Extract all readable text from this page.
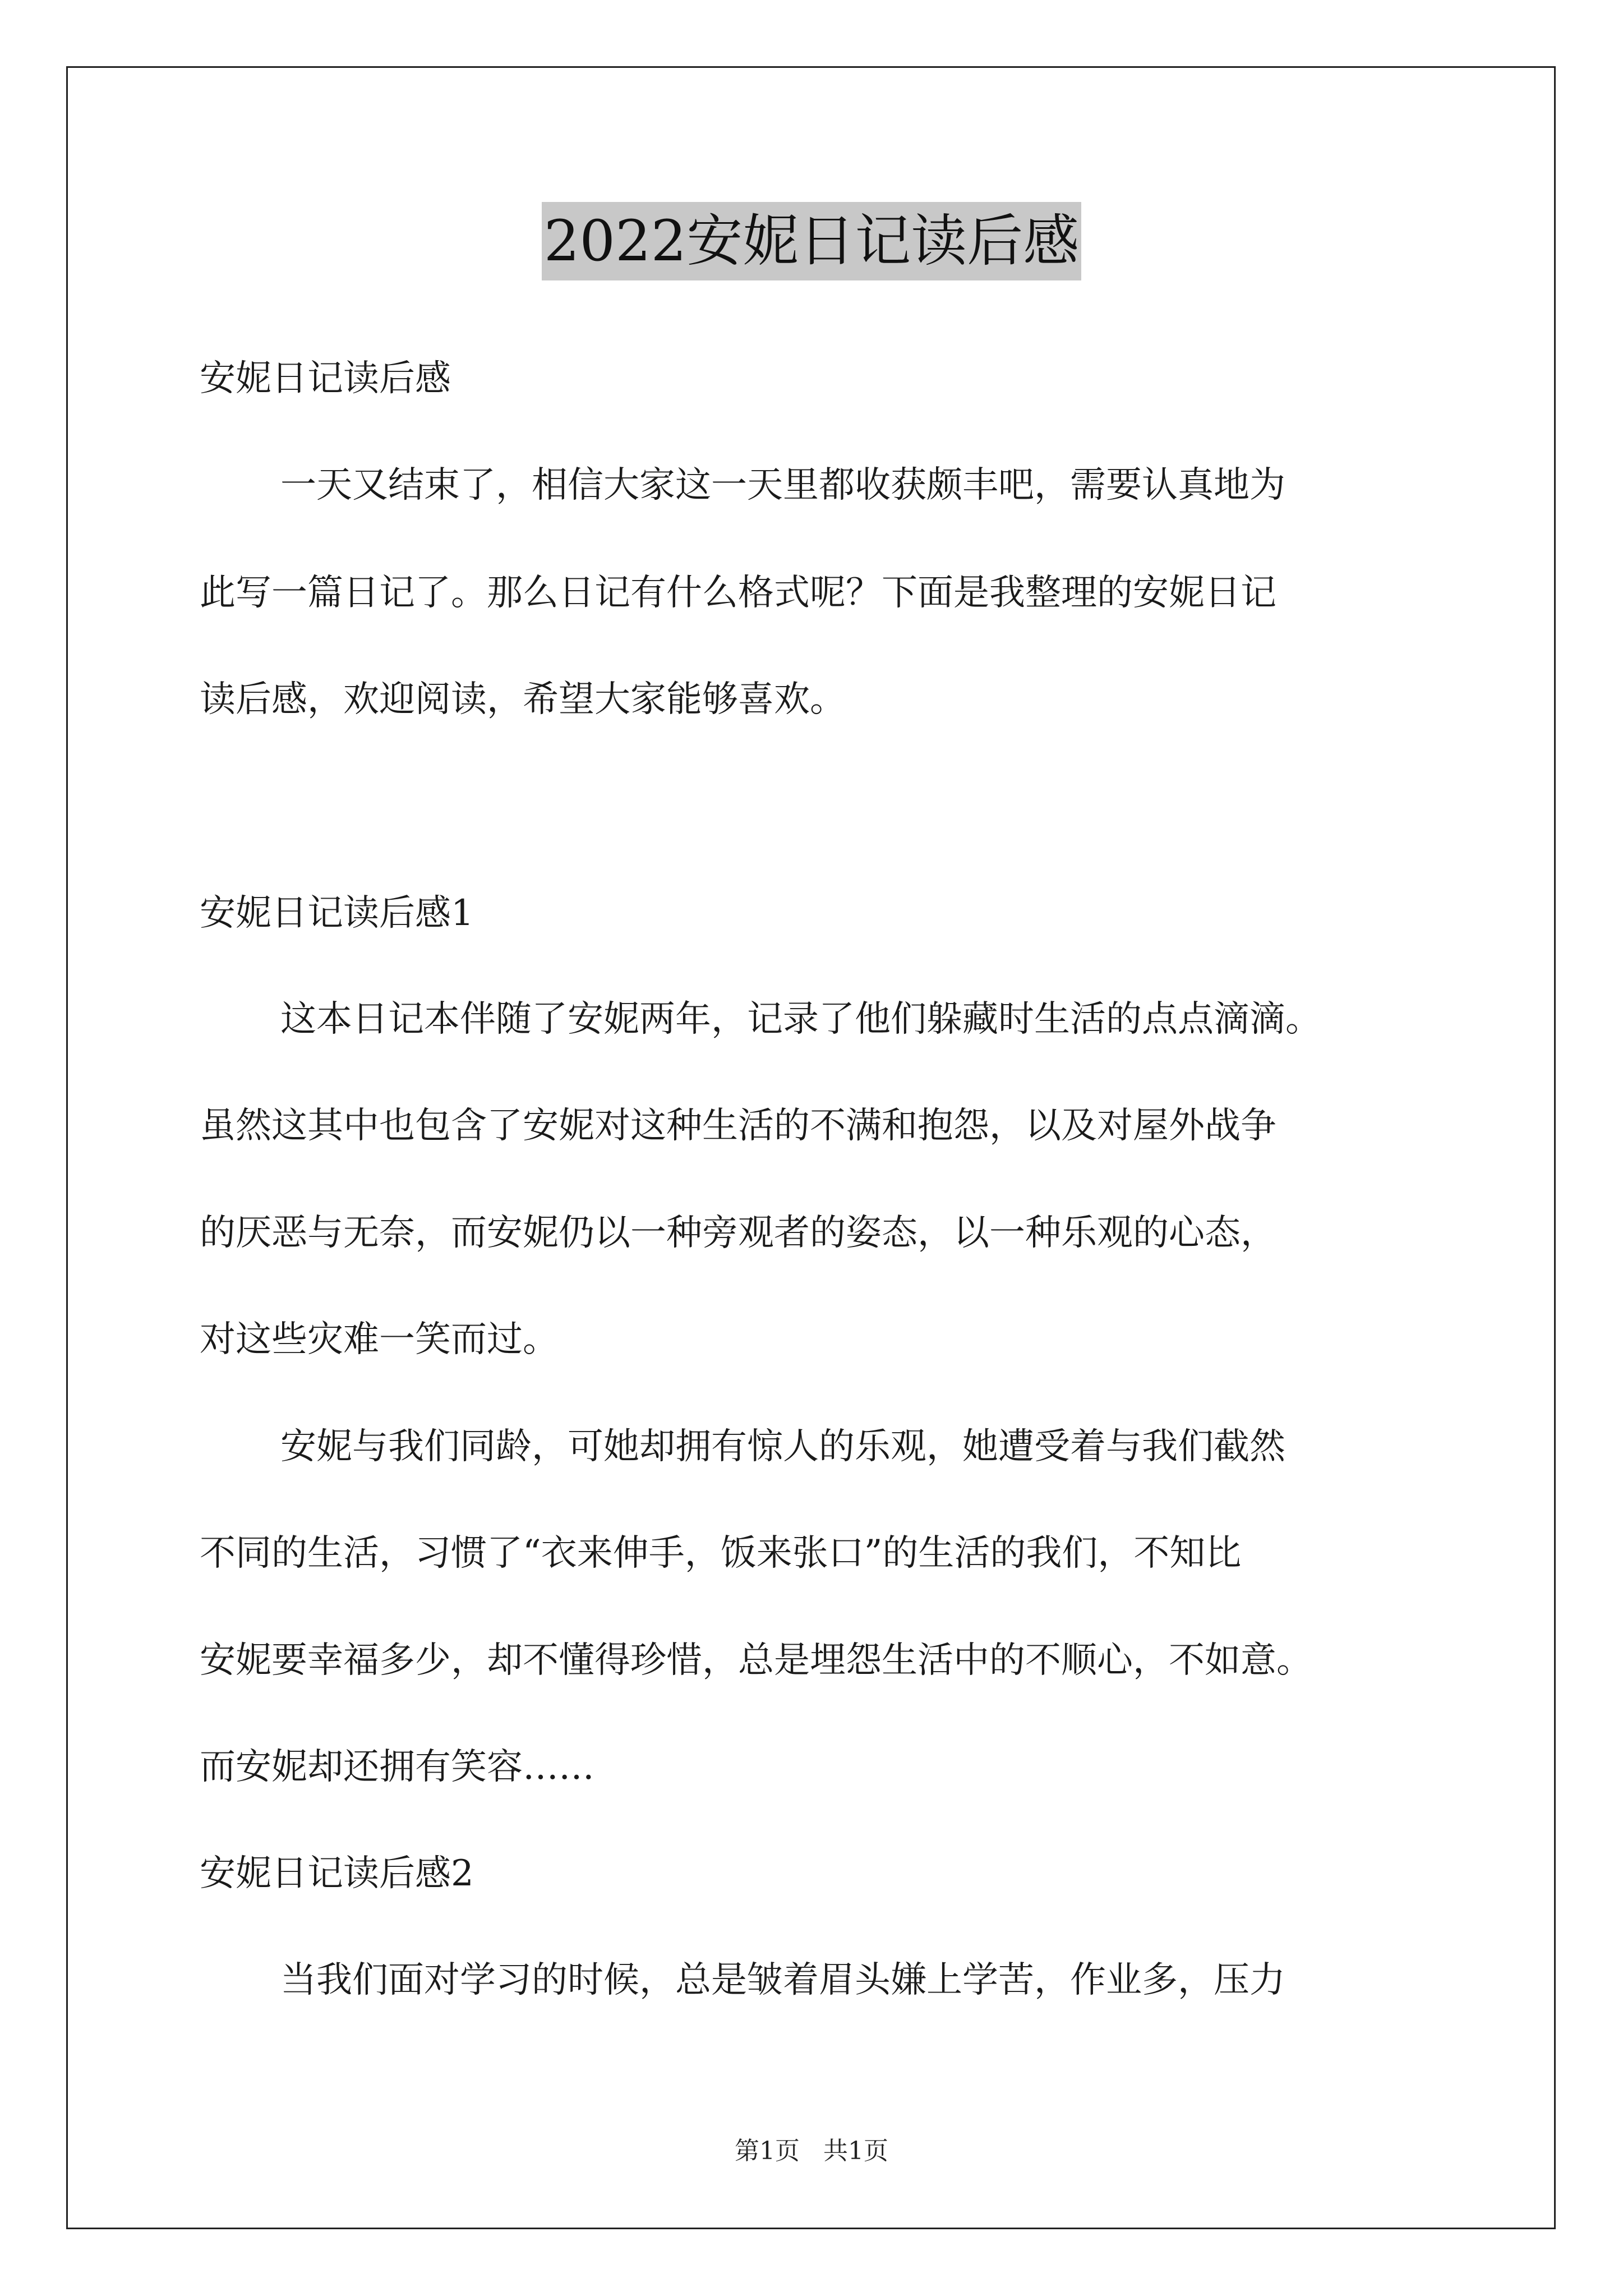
2022安妮日记读后感
安妮日记读后感
一天又结束了，相信大家这一天里都收获颇丰吧，需要认真地为
此写一篇日记了。那么日记有什么格式呢？下面是我整理的安妮日记
读后感，欢迎阅读，希望大家能够喜欢。
安妮日记读后感1
这本日记本伴随了安妮两年，记录了他们躲藏时生活的点点滴滴。
虽然这其中也包含了安妮对这种生活的不满和抱怨，以及对屋外战争
的厌恶与无奈，而安妮仍以一种旁观者的姿态，以一种乐观的心态，
对这些灾难一笑而过。
安妮与我们同龄，可她却拥有惊人的乐观，她遭受着与我们截然
不同的生活，习惯了“衣来伸手，饭来张口”的生活的我们，不知比
安妮要幸福多少，却不懂得珍惜，总是埋怨生活中的不顺心，不如意。
而安妮却还拥有笑容……
安妮日记读后感2
当我们面对学习的时候，总是皱着眉头嫌上学苦，作业多，压力
第1页   共1页
